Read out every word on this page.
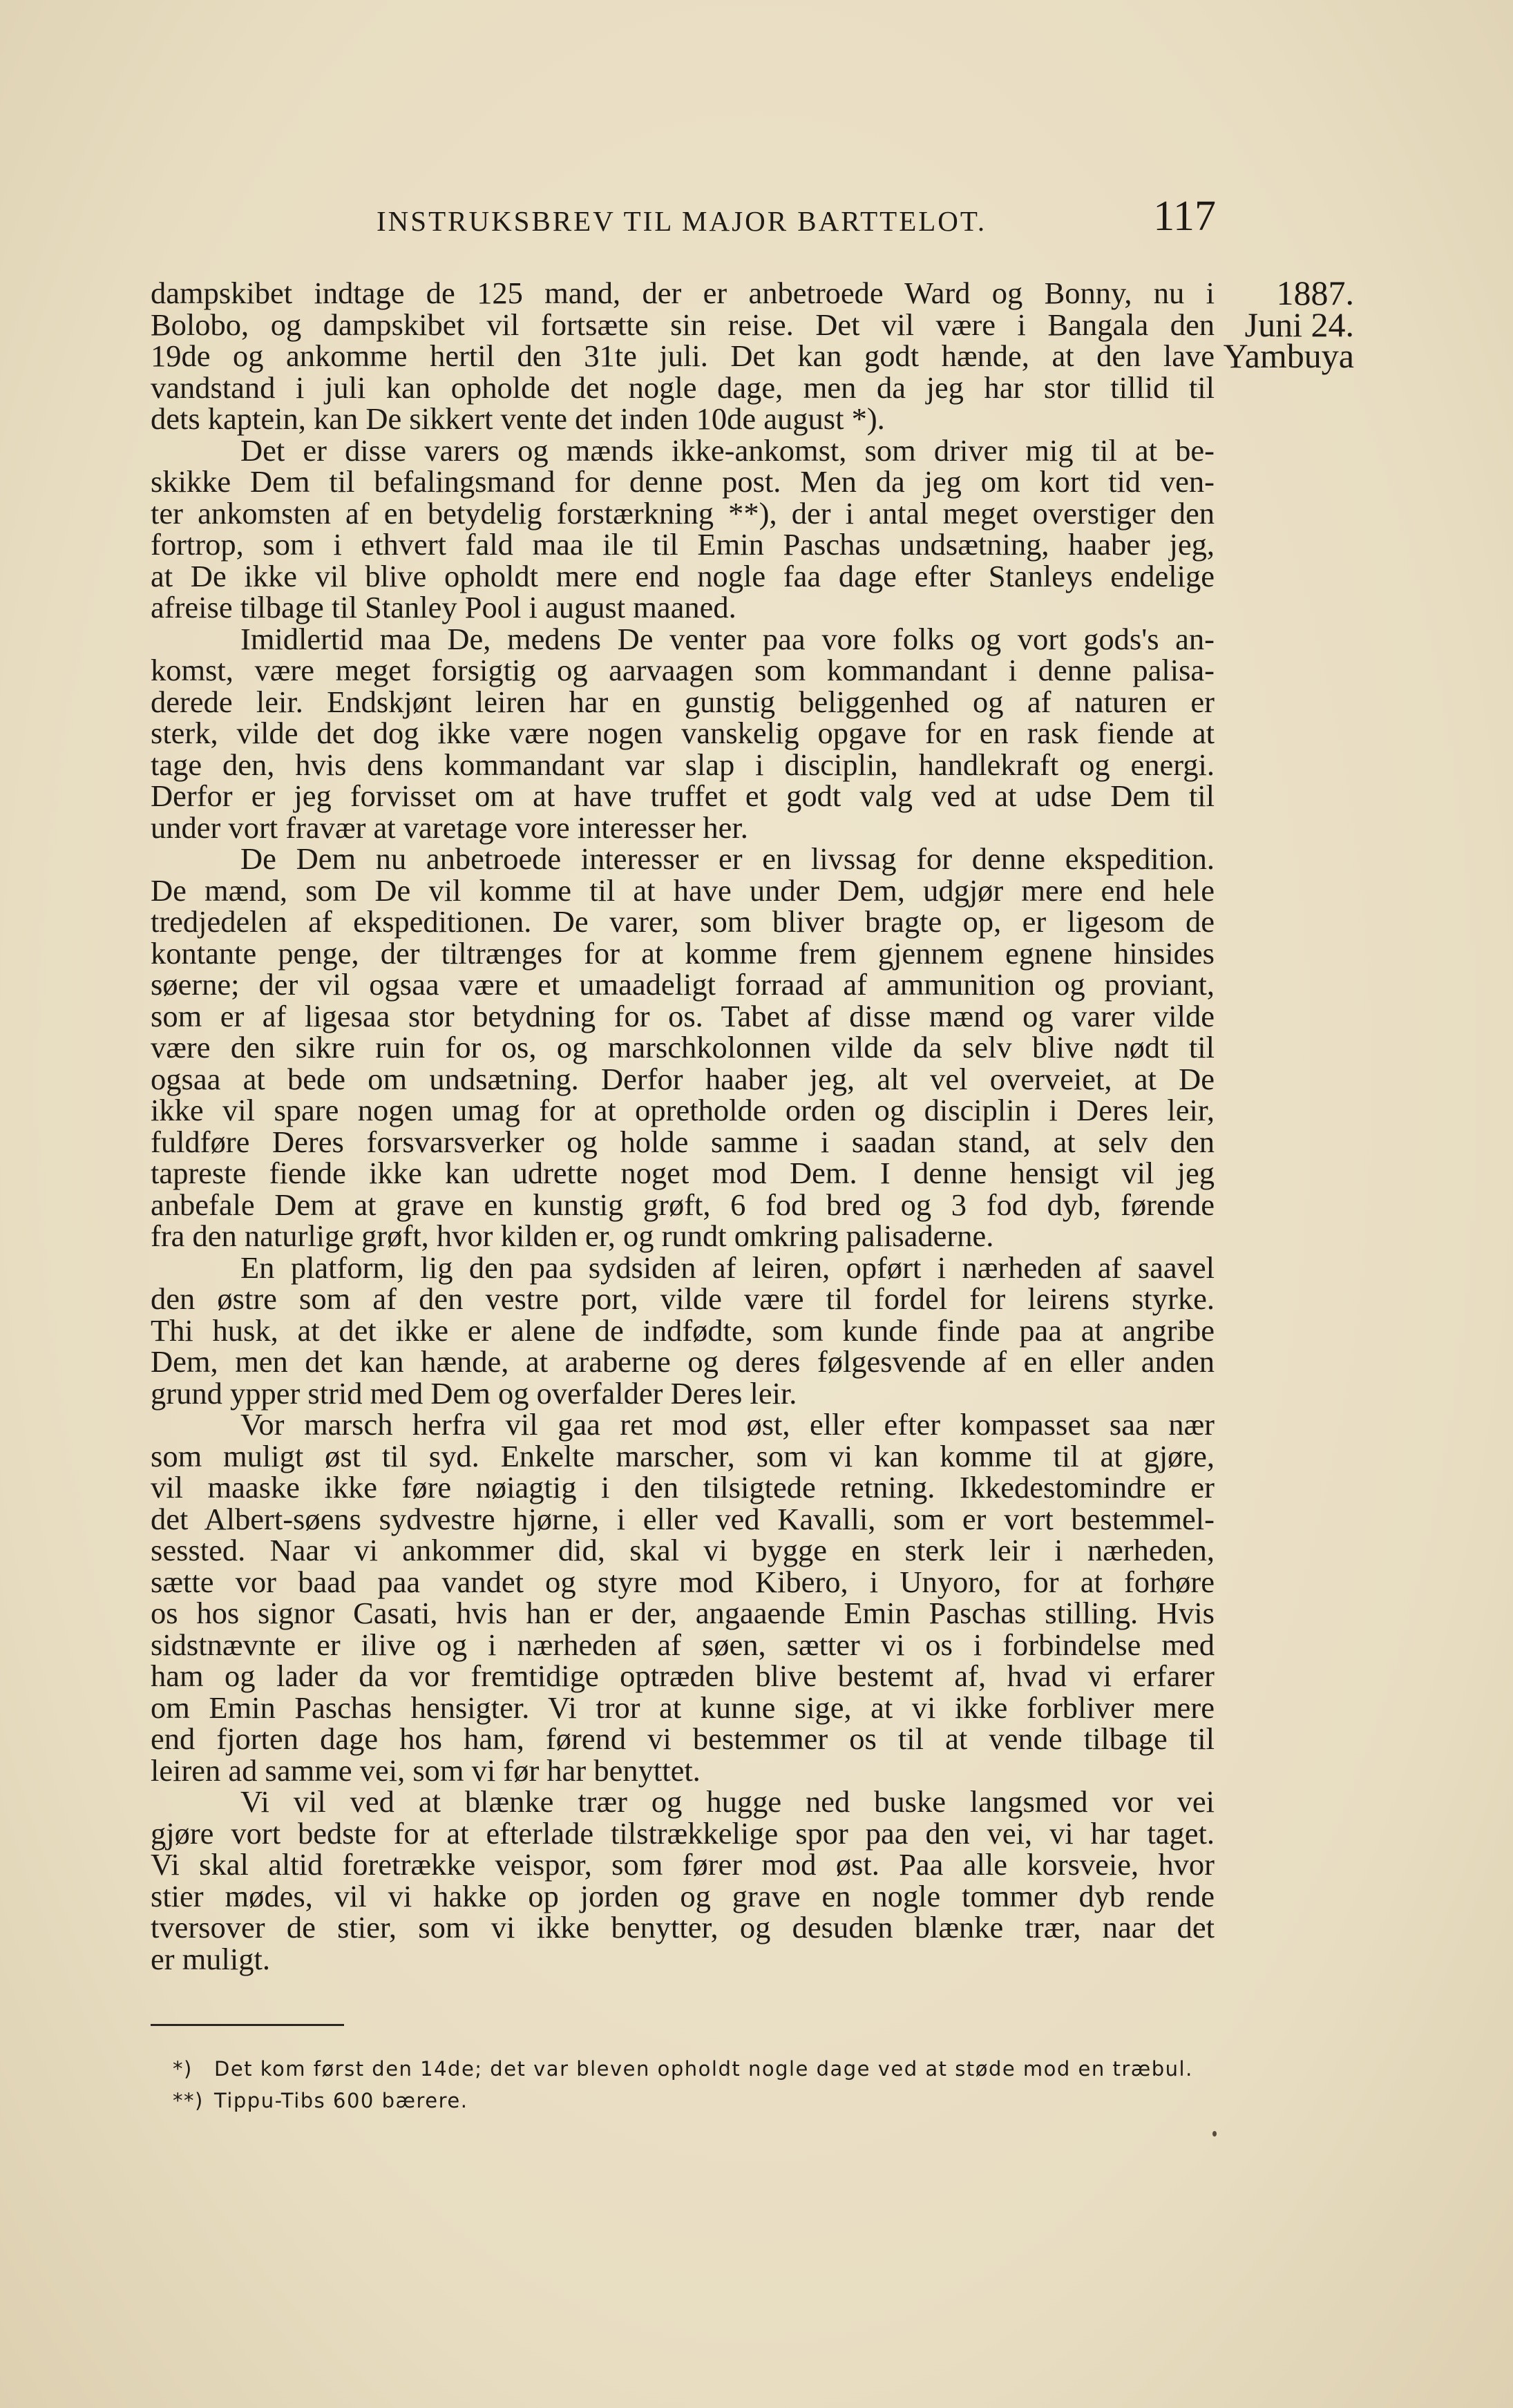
INSTRUKSBREV TIL MAJOR BARTTELOT.	117
1887.
Juni 24.
Yambuya
dampskibet indtage de 125 mand, der er anbetroede Ward og Bonny, nu i
Bolobo, og dampskibet vil fortsætte sin reise. Det vil være i Bangala den
19de og ankomme hertil den 31te juli. Det kan godt hænde, at den lave
vandstand i juli kan opholde det nogle dage, men da jeg har stor tillid til
dets kaptein, kan De sikkert vente det inden 10de august *).
Det er disse varers og mænds ikke-ankomst, som driver mig til at be-
skikke Dem til befalingsmand for denne post. Men da jeg om kort tid ven-
ter ankomsten af en betydelig forstærkning **), der i antal meget overstiger den
fortrop, som i ethvert fald maa ile til Emin Paschas undsætning, haaber jeg,
at De ikke vil blive opholdt mere end nogle faa dage efter Stanleys endelige
afreise tilbage til Stanley Pool i august maaned.
Imidlertid maa De, medens De venter paa vore folks og vort gods's an-
komst, være meget forsigtig og aarvaagen som kommandant i denne palisa-
derede leir. Endskjønt leiren har en gunstig beliggenhed og af naturen er
sterk, vilde det dog ikke være nogen vanskelig opgave for en rask fiende at
tage den, hvis dens kommandant var slap i disciplin, handlekraft og energi.
Derfor er jeg forvisset om at have truffet et godt valg ved at udse Dem til
under vort fravær at varetage vore interesser her.
De Dem nu anbetroede interesser er en livssag for denne ekspedition.
De mænd, som De vil komme til at have under Dem, udgjør mere end hele
tredjedelen af ekspeditionen. De varer, som bliver bragte op, er ligesom de
kontante penge, der tiltrænges for at komme frem gjennem egnene hinsides
søerne; der vil ogsaa være et umaadeligt forraad af ammunition og proviant,
som er af ligesaa stor betydning for os. Tabet af disse mænd og varer vilde
være den sikre ruin for os, og marschkolonnen vilde da selv blive nødt til
ogsaa at bede om undsætning. Derfor haaber jeg, alt vel overveiet, at De
ikke vil spare nogen umag for at opretholde orden og disciplin i Deres leir,
fuldføre Deres forsvarsverker og holde samme i saadan stand, at selv den
tapreste fiende ikke kan udrette noget mod Dem. I denne hensigt vil jeg
anbefale Dem at grave en kunstig grøft, 6 fod bred og 3 fod dyb, førende
fra den naturlige grøft, hvor kilden er, og rundt omkring palisaderne.
En platform, lig den paa sydsiden af leiren, opført i nærheden af saavel
den østre som af den vestre port, vilde være til fordel for leirens styrke.
Thi husk, at det ikke er alene de indfødte, som kunde finde paa at angribe
Dem, men det kan hænde, at araberne og deres følgesvende af en eller anden
grund ypper strid med Dem og overfalder Deres leir.
Vor marsch herfra vil gaa ret mod øst, eller efter kompasset saa nær
som muligt øst til syd. Enkelte marscher, som vi kan komme til at gjøre,
vil maaske ikke føre nøiagtig i den tilsigtede retning. Ikkedestomindre er
det Albert-søens sydvestre hjørne, i eller ved Kavalli, som er vort bestemmel-
sessted. Naar vi ankommer did, skal vi bygge en sterk leir i nærheden,
sætte vor baad paa vandet og styre mod Kibero, i Unyoro, for at forhøre
os hos signor Casati, hvis han er der, angaaende Emin Paschas stilling. Hvis
sidstnævnte er ilive og i nærheden af søen, sætter vi os i forbindelse med
ham og lader da vor fremtidige optræden blive bestemt af, hvad vi erfarer
om Emin Paschas hensigter. Vi tror at kunne sige, at vi ikke forbliver mere
end fjorten dage hos ham, førend vi bestemmer os til at vende tilbage til
leiren ad samme vei, som vi før har benyttet.
Vi vil ved at blænke trær og hugge ned buske langsmed vor vei
gjøre vort bedste for at efterlade tilstrækkelige spor paa den vei, vi har taget.
Vi skal altid foretrække veispor, som fører mod øst. Paa alle korsveie, hvor
stier mødes, vil vi hakke op jorden og grave en nogle tommer dyb rende
tversover de stier, som vi ikke benytter, og desuden blænke trær, naar det
er muligt.
*)	Det kom først den 14de; det var bleven opholdt nogle dage ved at støde mod en træbul.
**) Tippu-Tibs 600 bærere.
